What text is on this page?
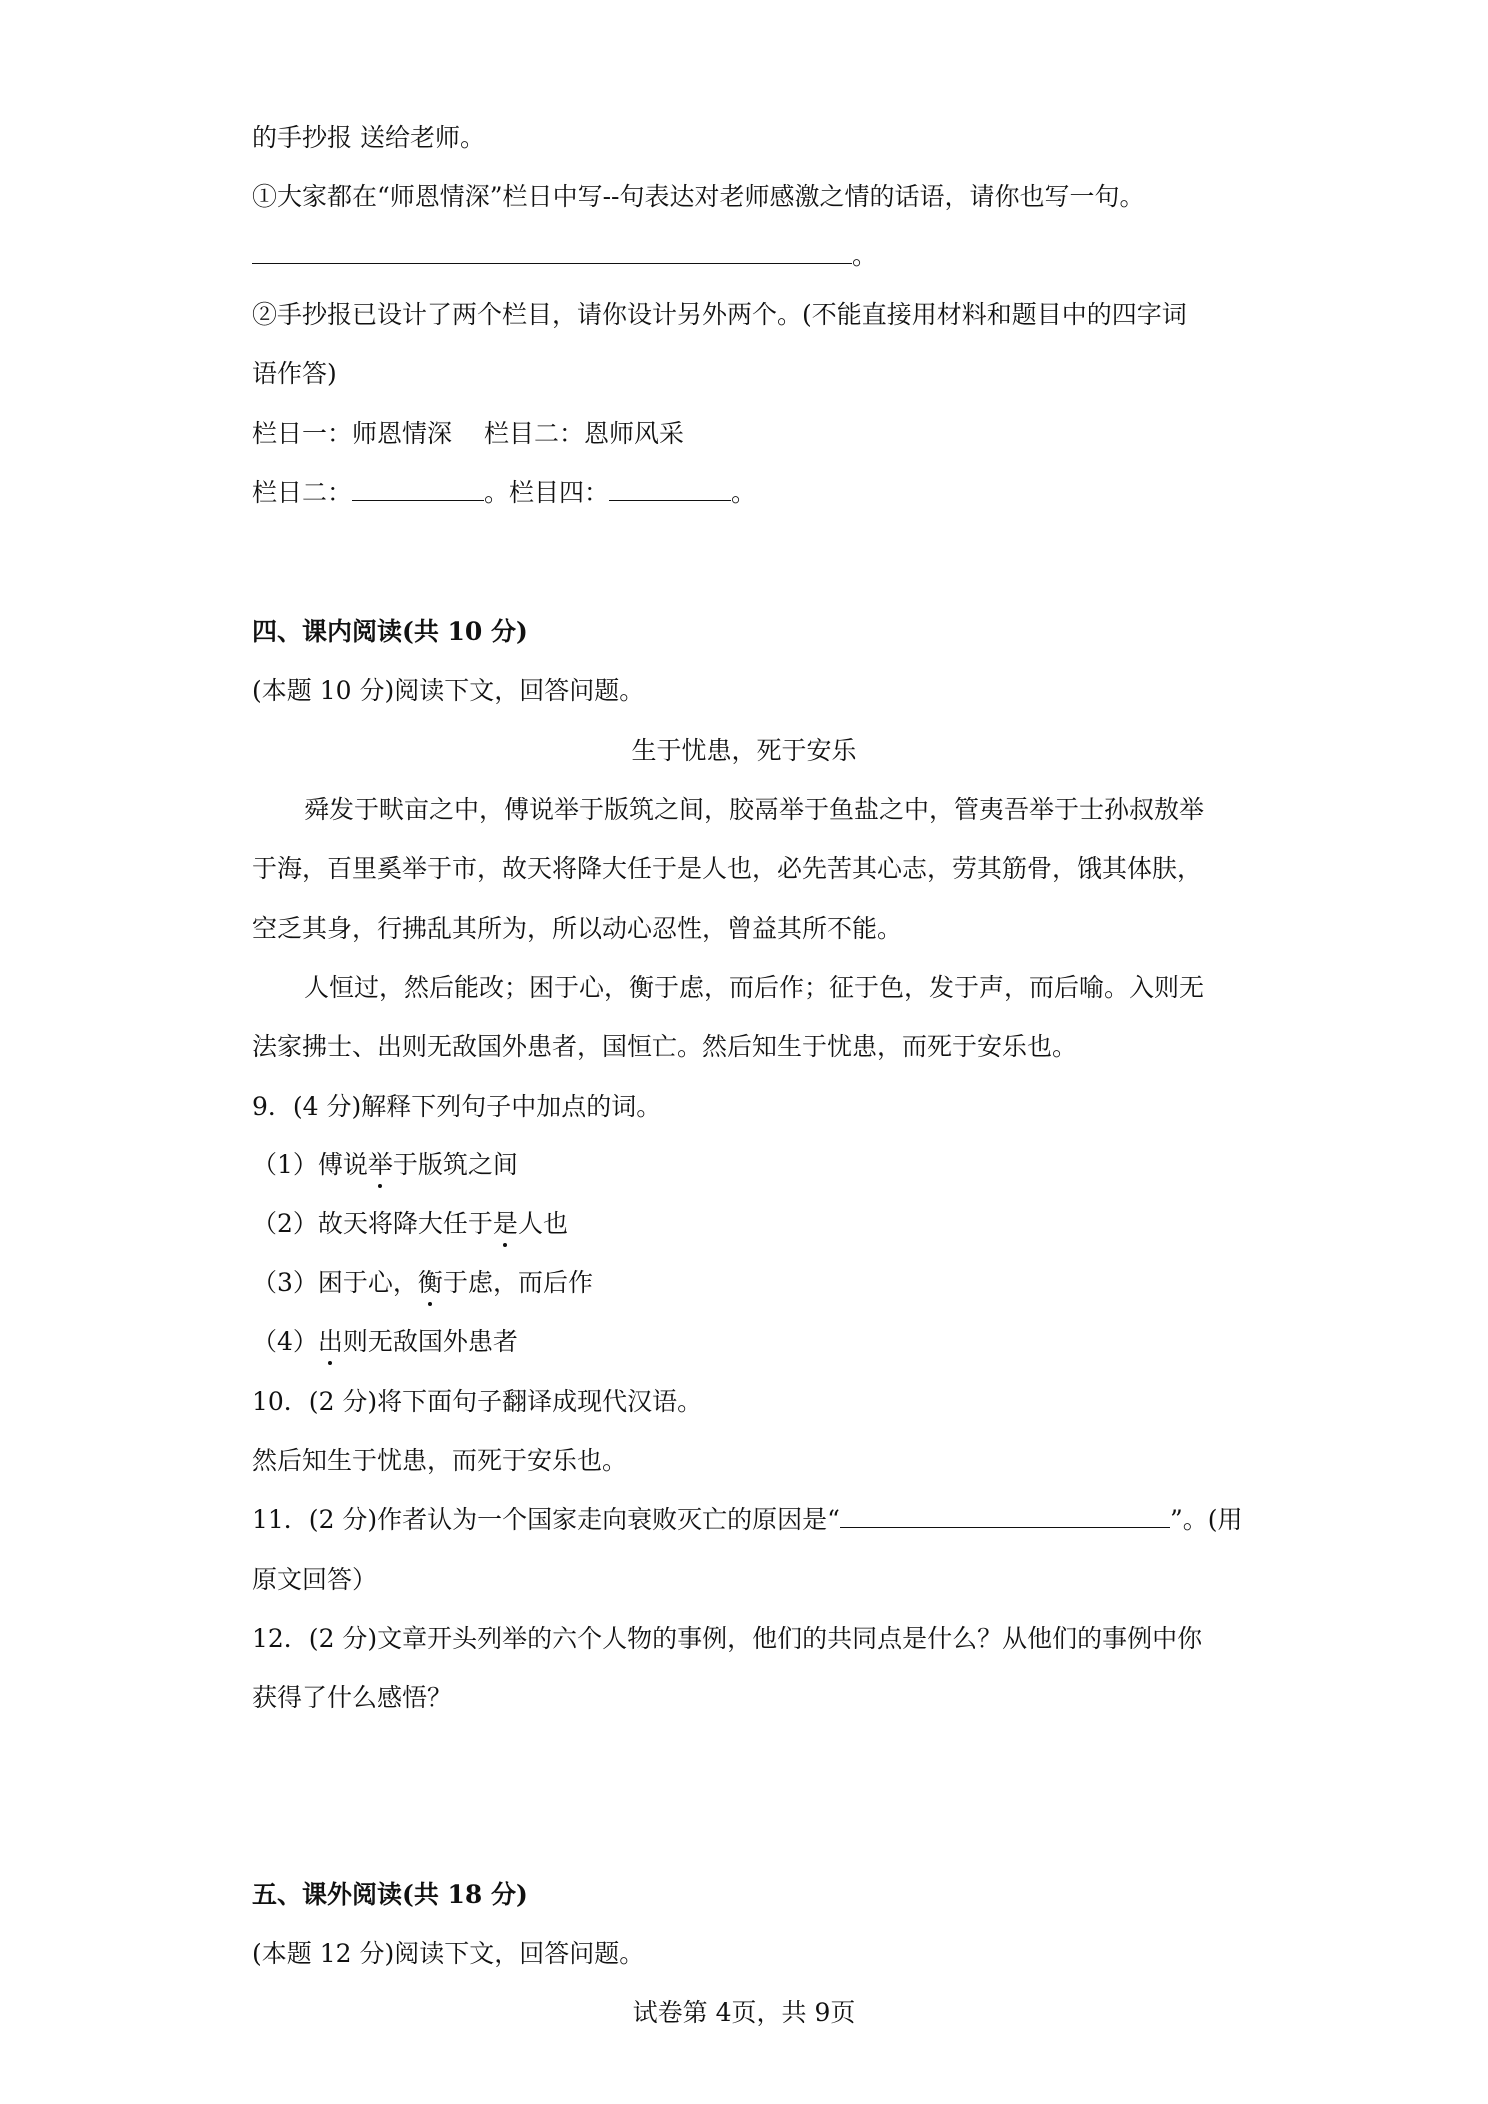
的手抄报 送给老师。
①大家都在“师恩情深”栏日中写--句表达对老师感激之情的话语，请你也写一句。
。
②手抄报已设计了两个栏目，请你设计另外两个。(不能直接用材料和题目中的四字词
语作答)
栏日一：师恩情深 栏目二：恩师风采
栏日二：	。栏目四：	。
四、课内阅读(共 10 分)
(本题 10 分)阅读下文，回答问题。
生于忧患，死于安乐
舜发于畎亩之中，傅说举于版筑之间，胶鬲举于鱼盐之中，管夷吾举于士孙叔敖举
于海，百里奚举于市，故天将降大任于是人也，必先苦其心志，劳其筋骨，饿其体肤，
空乏其身，行拂乱其所为，所以动心忍性，曾益其所不能。
人恒过，然后能改；困于心，衡于虑，而后作；征于色，发于声，而后喻。入则无
法家拂士、出则无敌国外患者，国恒亡。然后知生于忧患，而死于安乐也。
9．(4 分)解释下列句子中加点的词。
（1）傅说举于版筑之间
（2）故天将降大任于是人也
（3）困于心，衡于虑，而后作
（4）出则无敌国外患者
10．(2 分)将下面句子翻译成现代汉语。
然后知生于忧患，而死于安乐也。
11．(2 分)作者认为一个国家走向衰败灭亡的原因是“	”。(用
原文回答）
12．(2 分)文章开头列举的六个人物的事例，他们的共同点是什么？从他们的事例中你
获得了什么感悟？
五、课外阅读(共 18 分)
(本题 12 分)阅读下文，回答问题。
试卷第 4页，共 9页
